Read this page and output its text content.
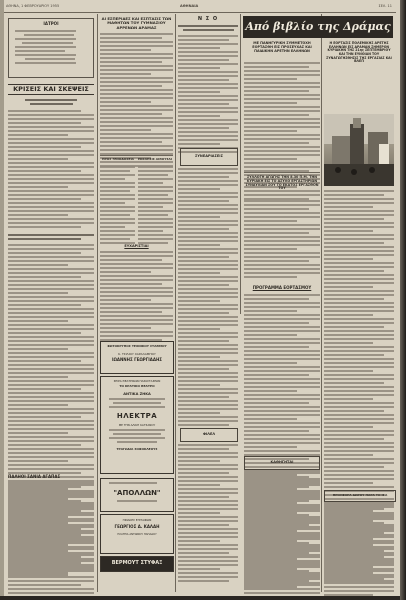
ΑΘΗΝΑ, 1 ΦΕΒΡΟΥΑΡΙΟΥ 1955	ΑΘΗΝΑΙΑ	ΣΕΛ. 11
ΙΑΤΡΟΙ
ΚΡΙΣΕΙΣ ΚΑΙ ΣΚΕΨΕΙΣ
ΠΑΛΗΟΙ ΣΑΝΙΑ ΑΓΑΠΑΣ
ΑΙ ΕΣΠΕΡΙΔΕΣ ΚΑΙ ΕΣΠΤΑΣΙΣ ΤΩΝ ΜΑΘΗΤΩΝ ΤΟΥ ΓΥΜΝΑΣΙΟΥ ΑΡΡΕΝΩΝ ΔΡΑΜΑΣ
ΠΡΟΣ ΞΕΝΟΔΟΧΕΙΑ	ΕΚΚΛΗΣΙΣ ΑΙΘΟΥΣΑΙ
ΕΥΧΑΡΙΣΤΙΑΙ
ΦΩΤΟΚΡΥΠΟΣ ΤΕΧΝΙΚΟΥ ΣΤΑΘΜΟΥ
Κ. ΤΣΙΛΙΟΥ ΧΑΡΑΛΑΜΠΟΥ
ΙΩΑΝΝΗΣ ΓΕΩΡΓΙΑΔΗΣ
ΣΕΙΡΑ ΘΕΑΤΡΙΚΩΝ ΠΑΡΑΣΤΑΣΕΩΝ
ΤΟ ΚΡΑΤΙΚΟ ΘΕΑΤΡΟ
ΑΝΤΙΚΑ ΖΗΚΑ
ΗΛΕΚΤΡΑ
ΜΕ ΤΗΝ ΑΛΙΚΗ ΚΑΤΣΑΝΟΥ
ΤΡΑΓΩΔΙΑ ΣΟΦΟΚΛΕΟΥΣ
"ΑΠΟΛΛΩΝ"
ΠΙΝΑΚΕΣ ΕΠΙΤΑΦΙΩΝ
ΓΕΩΡΓΙΟΣ Δ. ΚΑΛΑΗ
ΠΛΑΤΕΙΑ ΑΝΤΩΝΙΟΥ ΠΑΠΑΔΟΥ
ΒΕΡΜΟΥΤ ΣΤΥΦΑΞ
Ν Σ Ο
ΣΥΝΕΔΡΙΑΣΕΙΣ
ΦΙΛΕΛ
Από βιβλίο της Δράμας
ΜΕ ΠΑΝΗΓΥΡΙΚΗ ΣΥΜΜΕΤΟΧΗ ΕΟΡΤΑΣΘΗ ΕΙΣ ΠΡΟΣΕΥΧΑΣ ΚΑΙ ΠΑΙΔΙΚΗΝ ΑΡΕΤΗΝ ΕΛΛΗΝΩΝ
Η ΕΟΡΤΑΣΙΣ ΠΟΛΕΜΙΚΗΣ ΑΡΕΤΗΣ ΕΛΛΗΝΩΝ ΕΙΣ ΔΡΑΜΑΝ ΣΗΜΕΡΟΝ ΚΥΡΙΑΚΗΝ ΤΗΣ 21ης ΣΕΠΤΕΜΒΡΙΟΥ ΚΑΙ ΤΗΝ ΕΥΝΟΙΑΝ ΤΟΥ ΣΥΝΑΓΩΓΗΣΘΗΣΙΣ ΤΗΣ ΕΡΓΑΣΙΑΣ ΚΑΙ ΒΛΕΠ
ΣΥΛΛΟΓΗ ΑΓΩΓΗΣ ΤΗΝ 8.30 Π.Μ. ΤΗΝ ΚΥΡΙΑΚΗ ΕΙΣ ΤΟ ΑΣΥΛΟ ΕΡΓΑΣΤΗΡΙΩΝ ΣΥΝΑΥΛΙΑΝ ΣΟΥ ΤΟ ΕΚΑΤΟΣ ΕΡΓΑΣΘΟΝ ΤΟΥ
ΠΡΟΓΡΑΜΜΑ ΕΟΡΤΑΣΜΟΥ
ΚΑΘΗΓΗΤΑΙ
ΠΡΟΣΦΟΡΑ ΔΩΡΟΥ ΠΑΡΑ ΤΟ ΙΚΑ
